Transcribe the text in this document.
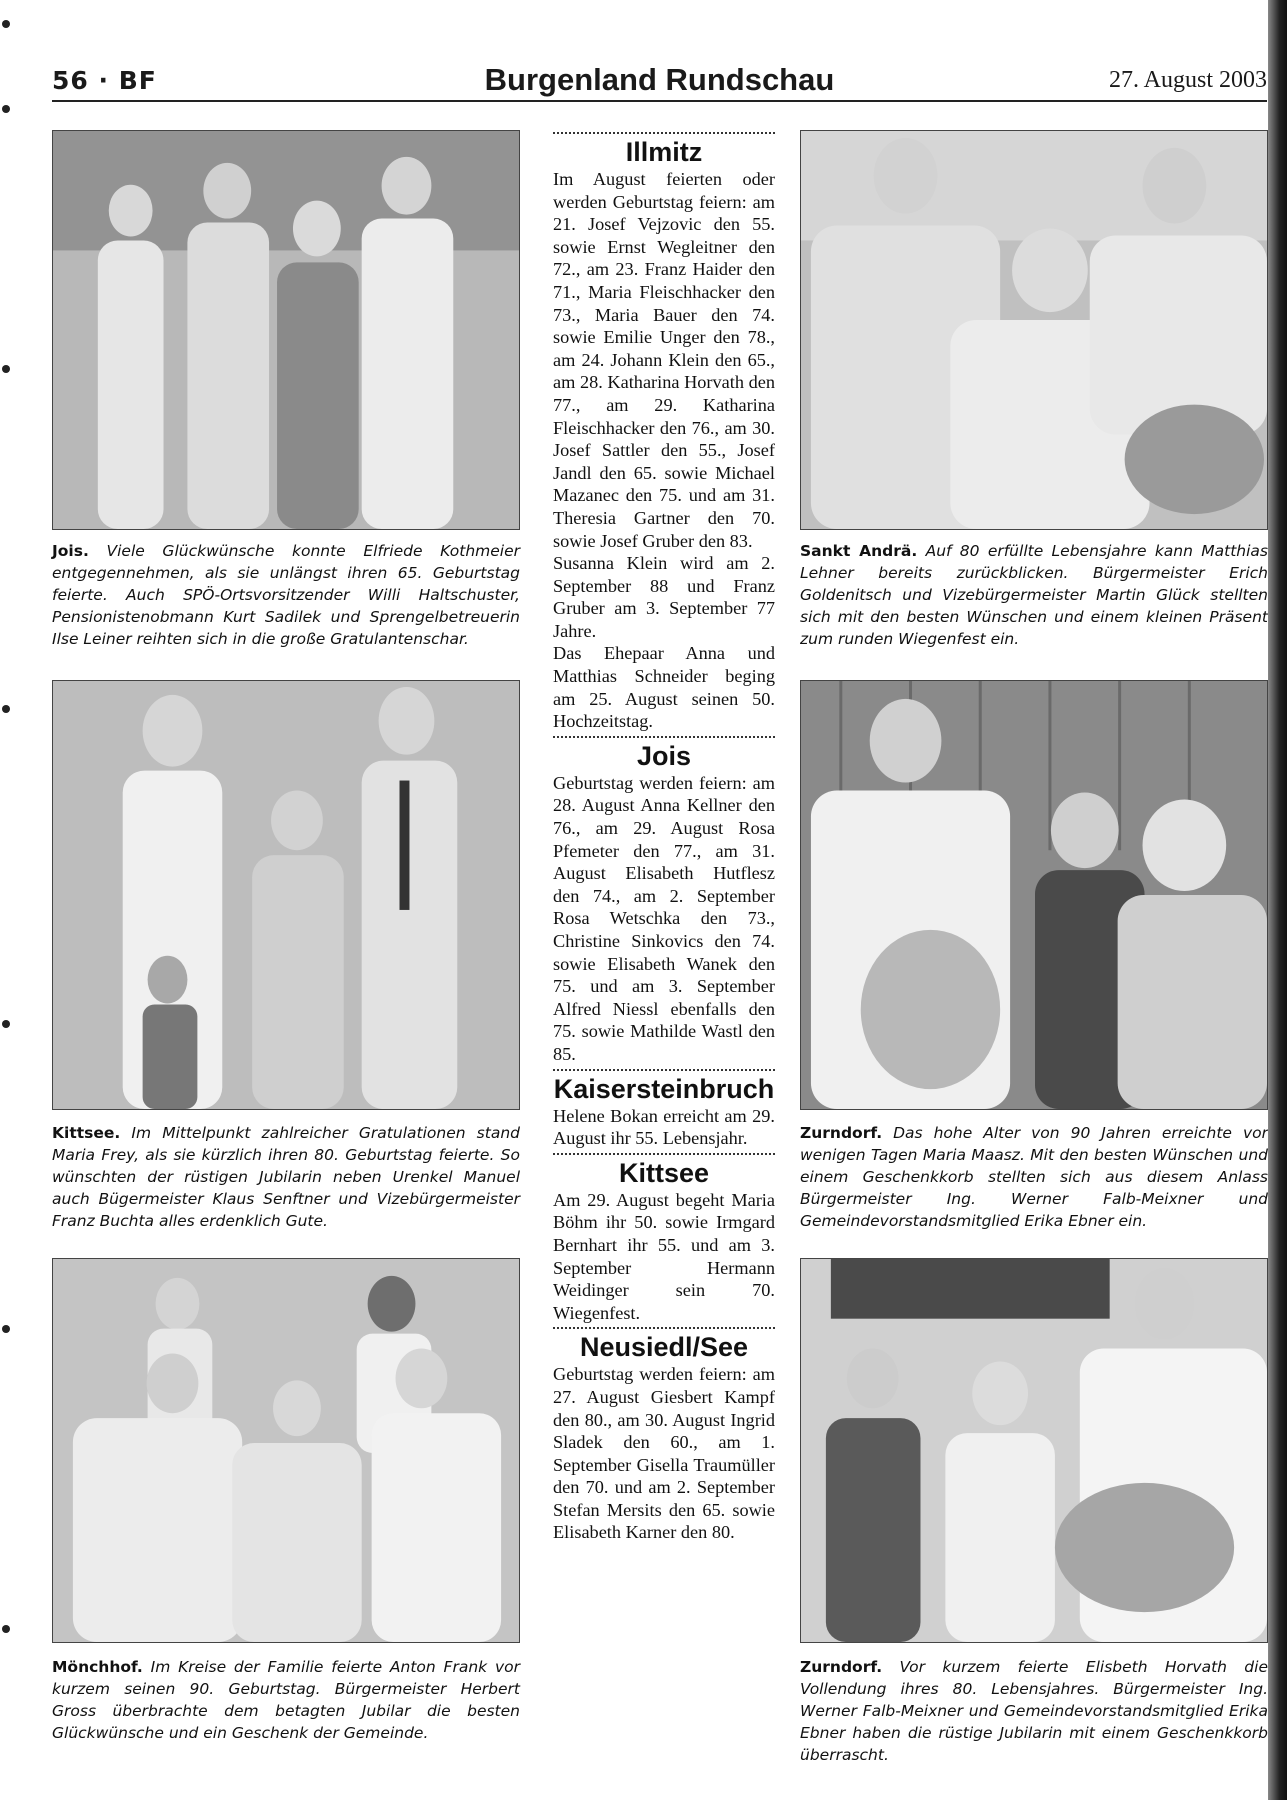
56 · BF	Burgenland Rundschau	27. August 2003
Jois. Viele Glückwünsche konnte Elfriede Kothmeier entgegennehmen, als sie unlängst ihren 65. Geburtstag feierte. Auch SPÖ-Ortsvorsitzender Willi Haltschuster, Pensionistenobmann Kurt Sadilek und Sprengelbetreuerin Ilse Leiner reihten sich in die große Gratulantenschar.
Kittsee. Im Mittelpunkt zahlreicher Gratulationen stand Maria Frey, als sie kürzlich ihren 80. Geburtstag feierte. So wünschten der rüstigen Jubilarin neben Urenkel Manuel auch Bügermeister Klaus Senftner und Vizebürgermeister Franz Buchta alles erdenklich Gute.
Mönchhof. Im Kreise der Familie feierte Anton Frank vor kurzem seinen 90. Geburtstag. Bürgermeister Herbert Gross überbrachte dem betagten Jubilar die besten Glückwünsche und ein Geschenk der Gemeinde.
Illmitz

Im August feierten oder werden Geburtstag feiern: am 21. Josef Vejzovic den 55. sowie Ernst Wegleitner den 72., am 23. Franz Haider den 71., Maria Fleischhacker den 73., Maria Bauer den 74. sowie Emilie Unger den 78., am 24. Johann Klein den 65., am 28. Katharina Horvath den 77., am 29. Katharina Fleischhacker den 76., am 30. Josef Sattler den 55., Josef Jandl den 65. sowie Michael Mazanec den 75. und am 31. Theresia Gartner den 70. sowie Josef Gruber den 83.

Susanna Klein wird am 2. September 88 und Franz Gruber am 3. September 77 Jahre.

Das Ehepaar Anna und Matthias Schneider beging am 25. August seinen 50. Hochzeitstag.

Jois

Geburtstag werden feiern: am 28. August Anna Kellner den 76., am 29. August Rosa Pfemeter den 77., am 31. August Elisabeth Hutflesz den 74., am 2. September Rosa Wetschka den 73., Christine Sinkovics den 74. sowie Elisabeth Wanek den 75. und am 3. September Alfred Niessl ebenfalls den 75. sowie Mathilde Wastl den 85.

Kaisersteinbruch

Helene Bokan erreicht am 29. August ihr 55. Lebensjahr.

Kittsee

Am 29. August begeht Maria Böhm ihr 50. sowie Irmgard Bernhart ihr 55. und am 3. September Hermann Weidinger sein 70. Wiegenfest.

Neusiedl/See

Geburtstag werden feiern: am 27. August Giesbert Kampf den 80., am 30. August Ingrid Sladek den 60., am 1. September Gisella Traumüller den 70. und am 2. September Stefan Mersits den 65. sowie Elisabeth Karner den 80.

Sankt Andrä. Auf 80 erfüllte Lebensjahre kann Matthias Lehner bereits zurückblicken. Bürgermeister Erich Goldenitsch und Vizebürgermeister Martin Glück stellten sich mit den besten Wünschen und einem kleinen Präsent zum runden Wiegenfest ein.
Zurndorf. Das hohe Alter von 90 Jahren erreichte vor wenigen Tagen Maria Maasz. Mit den besten Wünschen und einem Geschenkkorb stellten sich aus diesem Anlass Bürgermeister Ing. Werner Falb-Meixner und Gemeindevorstandsmitglied Erika Ebner ein.
Zurndorf. Vor kurzem feierte Elisbeth Horvath die Vollendung ihres 80. Lebensjahres. Bürgermeister Ing. Werner Falb-Meixner und Gemeindevorstandsmitglied Erika Ebner haben die rüstige Jubilarin mit einem Geschenkkorb überrascht.
